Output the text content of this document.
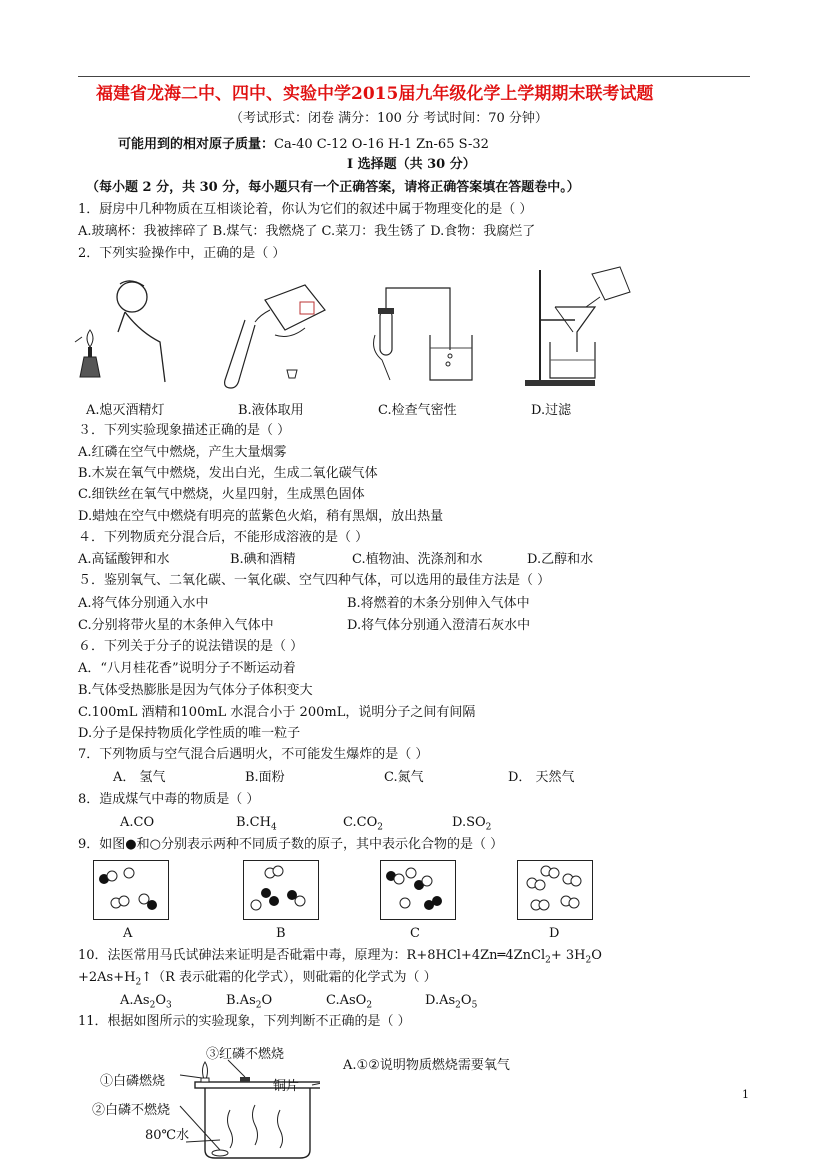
福建省龙海二中、四中、实验中学2015届九年级化学上学期期末联考试题
（考试形式：闭卷 满分：100 分 考试时间：70 分钟）
可能用到的相对原子质量：Ca-40 C-12 O-16 H-1 Zn-65 S-32
I 选择题（共 30 分）
（每小题 2 分，共 30 分，每小题只有一个正确答案，请将正确答案填在答题卷中。）
1．厨房中几种物质在互相谈论着，你认为它们的叙述中属于物理变化的是（ ）
A.玻璃杯：我被摔碎了 B.煤气：我燃烧了 C.菜刀：我生锈了 D.食物：我腐烂了
2．下列实验操作中，正确的是（ ）
A.熄灭酒精灯	B.液体取用	C.检查气密性	D.过滤
３．下列实验现象描述正确的是（ ）
A.红磷在空气中燃烧，产生大量烟雾
B.木炭在氧气中燃烧，发出白光，生成二氧化碳气体
C.细铁丝在氧气中燃烧，火星四射，生成黑色固体
D.蜡烛在空气中燃烧有明亮的蓝紫色火焰，稍有黑烟，放出热量
４．下列物质充分混合后，不能形成溶液的是（ ）
A.高锰酸钾和水	B.碘和酒精	C.植物油、洗涤剂和水	D.乙醇和水
５．鉴别氧气、二氧化碳、一氧化碳、空气四种气体，可以选用的最佳方法是（ ）
A.将气体分别通入水中	B.将燃着的木条分别伸入气体中
C.分别将带火星的木条伸入气体中	D.将气体分别通入澄清石灰水中
６．下列关于分子的说法错误的是（ ）
A．“八月桂花香”说明分子不断运动着
B.气体受热膨胀是因为气体分子体积变大
C.100mL 酒精和100mL 水混合小于 200mL，说明分子之间有间隔
D.分子是保持物质化学性质的唯一粒子
7．下列物质与空气混合后遇明火，不可能发生爆炸的是（ ）
A． 氢气	B.面粉	C.氮气	D． 天然气
8．造成煤气中毒的物质是（ ）
A.CO	$B.CH_4$	$C.CO_2$	$D.SO_2$
9．如图●和○分别表示两种不同质子数的原子，其中表示化合物的是（ ）
A	B	C	D
10．法医常用马氏试砷法来证明是否砒霜中毒，原理为：R+8HCl+4Zn═4ZnCl$_2$+ $3H_2O$
$+2As+H_2↑(R$ 表示砒霜的化学式），则砒霜的化学式为（ ）
$A.As_2O_3$	$B.As_2O$	C.AsO$_2$	$D.As_2O_5$
11．根据如图所示的实验现象，下列判断不正确的是（ ）
A.①②说明物质燃烧需要氧气
③红磷不燃烧
①白磷燃烧	铜片
②白磷不燃烧
80℃水
1
